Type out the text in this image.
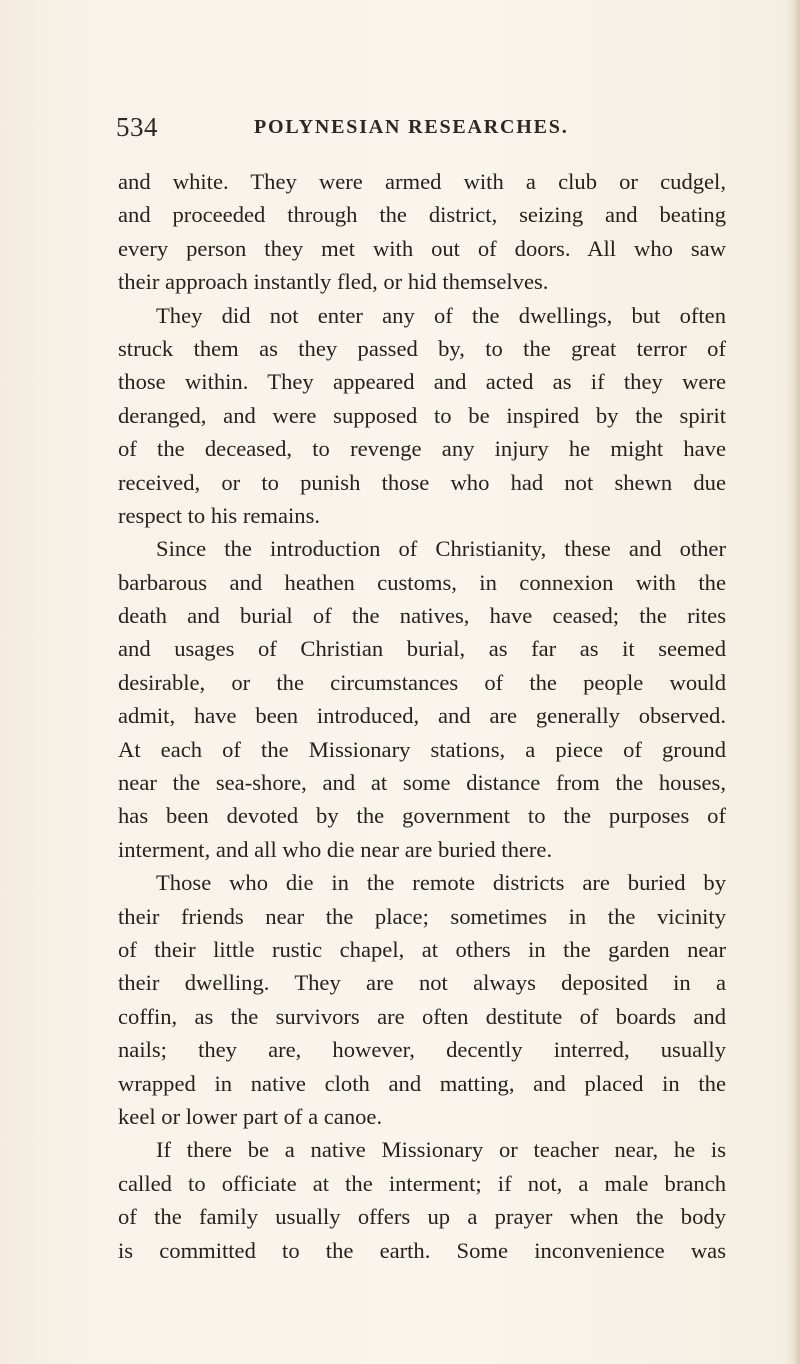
534	POLYNESIAN RESEARCHES.
and white. They were armed with a club or cudgel,
and proceeded through the district, seizing and beating
every person they met with out of doors. All who saw
their approach instantly fled, or hid themselves.
They did not enter any of the dwellings, but often
struck them as they passed by, to the great terror of
those within. They appeared and acted as if they were
deranged, and were supposed to be inspired by the spirit
of the deceased, to revenge any injury he might have
received, or to punish those who had not shewn due
respect to his remains.
Since the introduction of Christianity, these and other
barbarous and heathen customs, in connexion with the
death and burial of the natives, have ceased; the rites
and usages of Christian burial, as far as it seemed
desirable, or the circumstances of the people would
admit, have been introduced, and are generally observed.
At each of the Missionary stations, a piece of ground
near the sea-shore, and at some distance from the houses,
has been devoted by the government to the purposes of
interment, and all who die near are buried there.
Those who die in the remote districts are buried by
their friends near the place; sometimes in the vicinity
of their little rustic chapel, at others in the garden near
their dwelling. They are not always deposited in a
coffin, as the survivors are often destitute of boards and
nails; they are, however, decently interred, usually
wrapped in native cloth and matting, and placed in the
keel or lower part of a canoe.
If there be a native Missionary or teacher near, he is
called to officiate at the interment; if not, a male branch
of the family usually offers up a prayer when the body
is committed to the earth. Some inconvenience was
